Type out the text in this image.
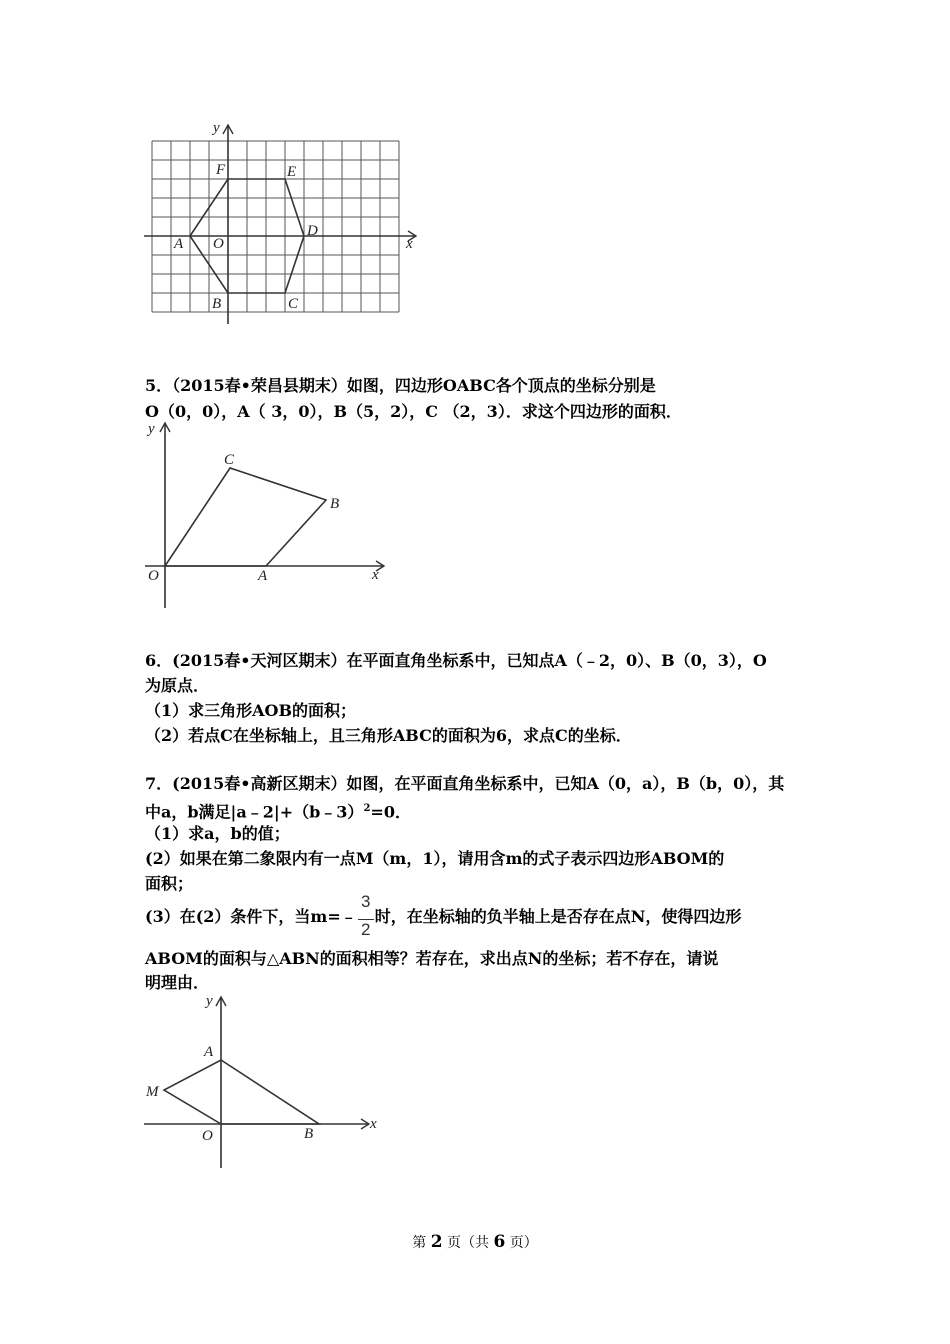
y
x
F	E
A O
D
B	C
5．（2015春•荣昌县期末）如图，四边形OABC各个顶点的坐标分别是
O（0，0），A（ 3，0），B（5，2），C （2，3）．求这个四边形的面积．
y
x
O	A
B
C
6．(2015春•天河区期末）在平面直角坐标系中，已知点A（﹣2，0）、B（0，3），O
为原点．
（1）求三角形AOB的面积；
（2）若点C在坐标轴上，且三角形ABC的面积为6，求点C的坐标．
7．(2015春•高新区期末）如图，在平面直角坐标系中，已知A（0，a），B（b，0），其
中a，b满足|a﹣2|+（b﹣3）$^2$=0．
（1）求a，b的值；
(2）如果在第二象限内有一点M（m，1），请用含m的式子表示四边形ABOM的
面积；
(3）在(2）条件下，当m=﹣ $\frac{3}{2}$ 时，在坐标轴的负半轴上是否存在点N，使得四边形
ABOM的面积与△ABN的面积相等？若存在，求出点N的坐标；若不存在，请说
明理由．
y
x
A
M
O	B
第 2 页（共 6 页）
